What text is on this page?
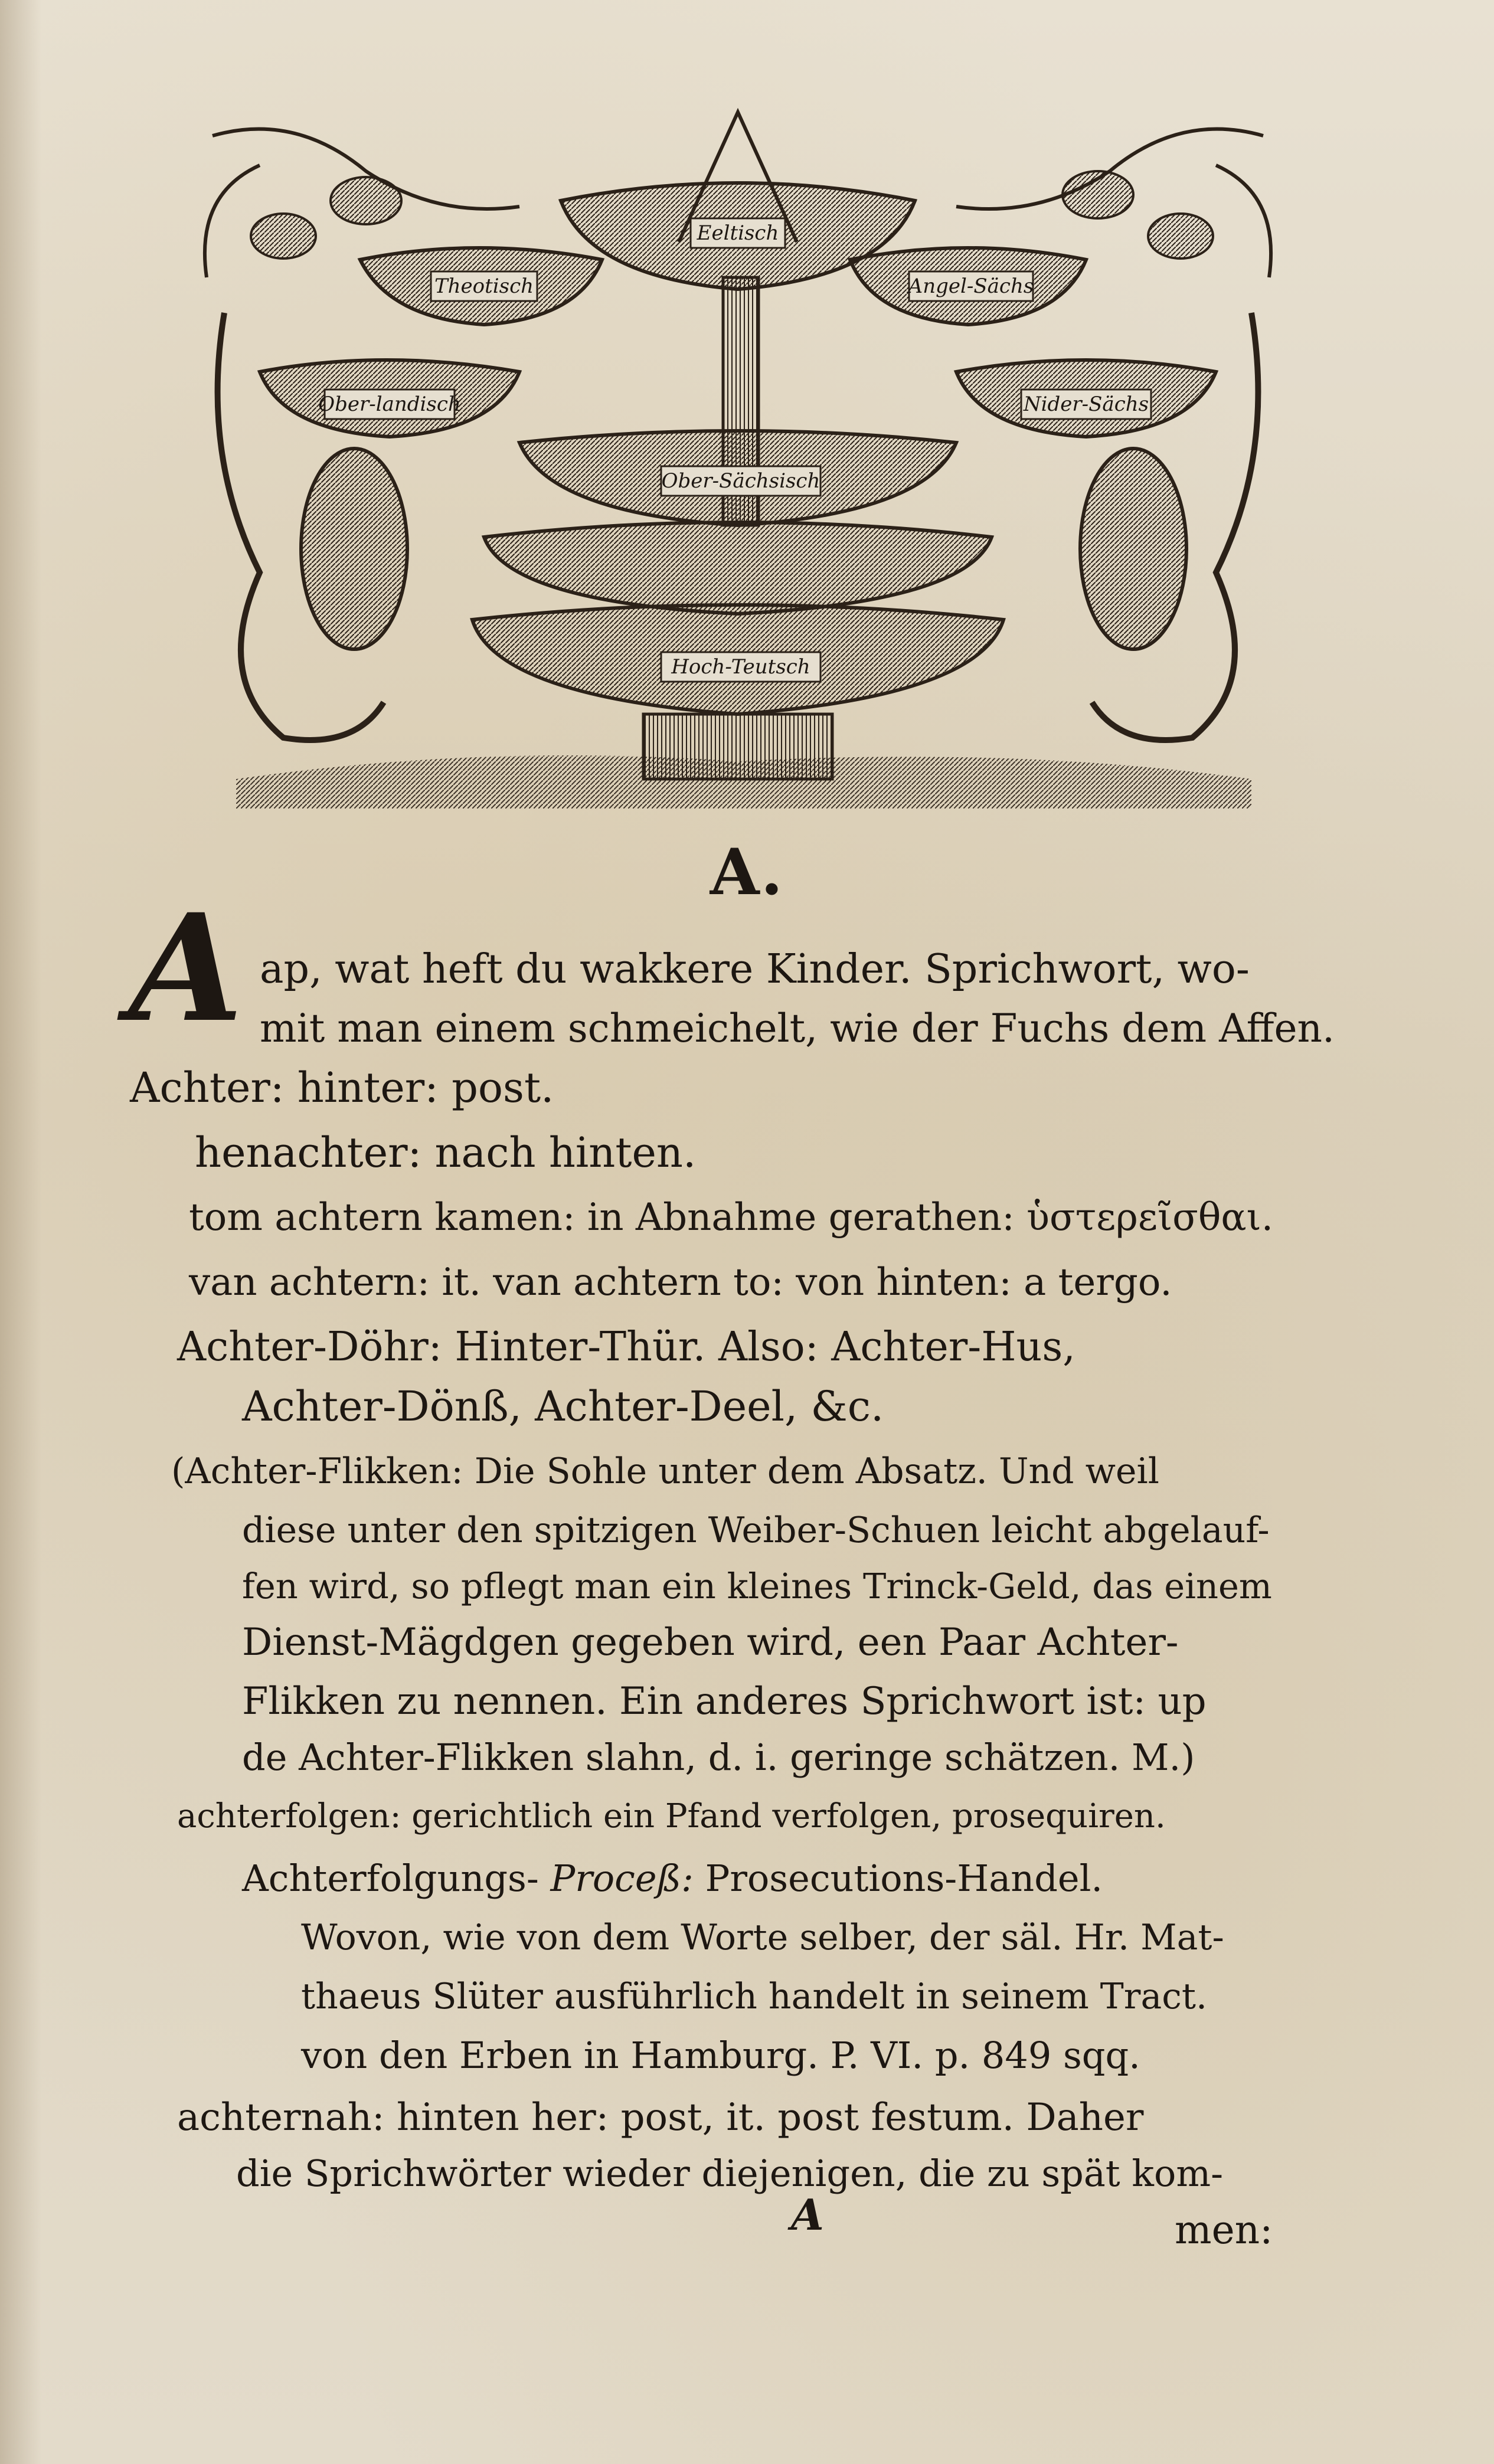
Eeltisch
Theotisch	Angel-Sächs
Ober-landisch	Nider-Sächs
Ober-Sächsisch
Hoch-Teutsch
A.
A ap, wat heft du wakkere Kinder. Sprichwort, wo-
mit man einem schmeichelt, wie der Fuchs dem Affen.
Achter: hinter: post.
henachter: nach hinten.
tom achtern kamen: in Abnahme gerathen: ὑστερεῖσθαι.
van achtern: it. van achtern to: von hinten: a tergo.
Achter-Döhr: Hinter-Thür. Also: Achter-Hus,
Achter-Dönß, Achter-Deel, &c.
(Achter-Flikken: Die Sohle unter dem Absatz. Und weil
diese unter den spitzigen Weiber-Schuen leicht abgelauf-
fen wird, so pflegt man ein kleines Trinck-Geld, das einem
Dienst-Mägdgen gegeben wird, een Paar Achter-
Flikken zu nennen. Ein anderes Sprichwort ist: up
de Achter-Flikken slahn, d. i. geringe schätzen. M.)
achterfolgen: gerichtlich ein Pfand verfolgen, prosequiren.
Achterfolgungs- Proceß: Prosecutions-Handel.
Wovon, wie von dem Worte selber, der säl. Hr. Mat-
thaeus Slüter ausführlich handelt in seinem Tract.
von den Erben in Hamburg. P. VI. p. 849 sqq.
achternah: hinten her: post, it. post festum. Daher
die Sprichwörter wieder diejenigen, die zu spät kom-
A	men:
